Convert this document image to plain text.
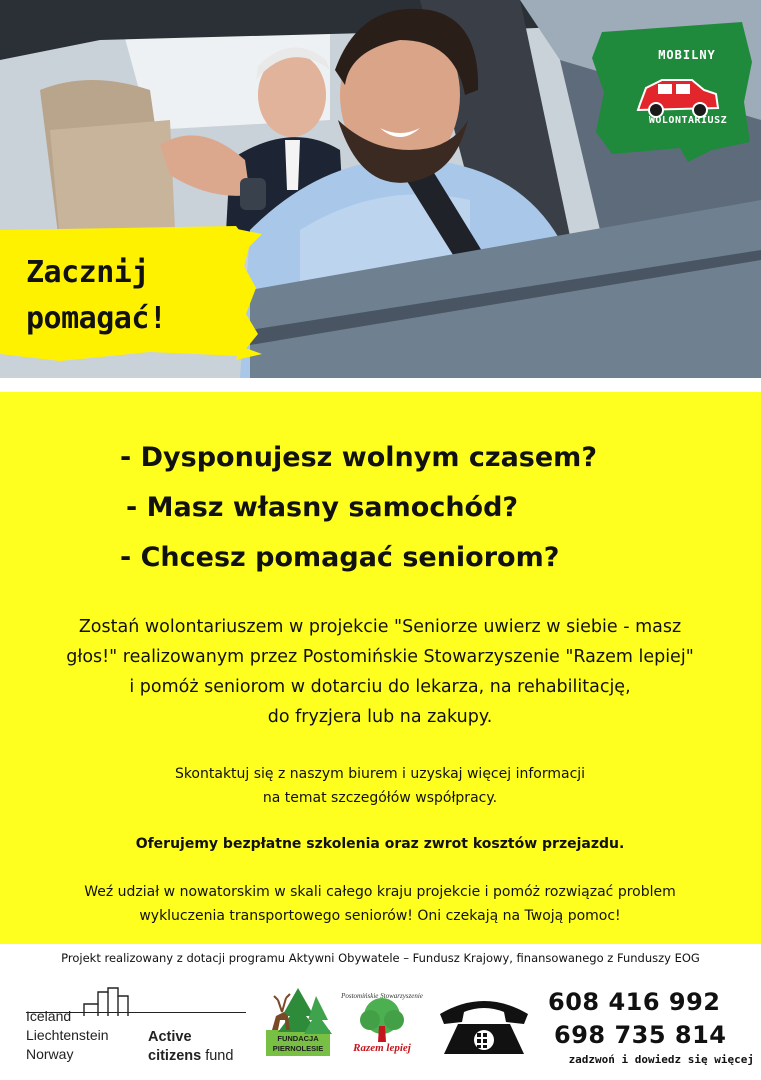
Zacznij pomagać!
MOBILNY
WOLONTARIUSZ
- Dysponujesz wolnym czasem?
- Masz własny samochód?
- Chcesz pomagać seniorom?
Zostań wolontariuszem w projekcie "Seniorze uwierz w siebie - masz
głos!" realizowanym przez Postomińskie Stowarzyszenie "Razem lepiej"
i pomóż seniorom w dotarciu do lekarza, na rehabilitację,
do fryzjera lub na zakupy.
Skontaktuj się z naszym biurem i uzyskaj więcej informacji
na temat szczegółów współpracy.
Oferujemy bezpłatne szkolenia oraz zwrot kosztów przejazdu.
Weź udział w nowatorskim w skali całego kraju projekcie i pomóż rozwiązać problem
wykluczenia transportowego seniorów! Oni czekają na Twoją pomoc!
Projekt realizowany z dotacji programu Aktywni Obywatele – Fundusz Krajowy, finansowanego z Funduszy EOG
Iceland
Liechtenstein
Norway
Active
citizens fund
FUNDACJA
PIERNOLESIE
Postomińskie Stowarzyszenie
Razem lepiej
608 416 992
698 735 814
zadzwoń i dowiedz się więcej
